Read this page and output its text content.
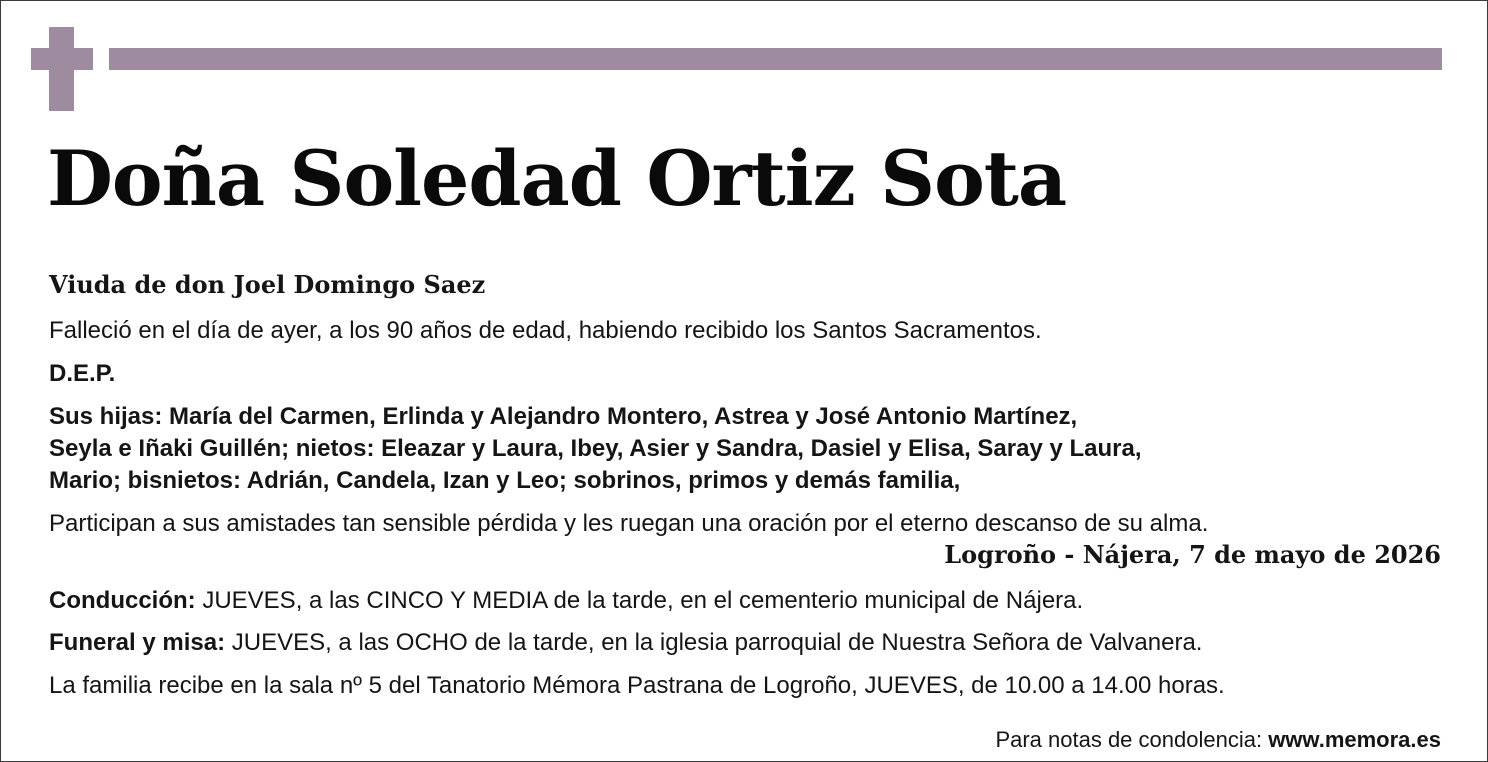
Doña Soledad Ortiz Sota

Viuda de don Joel Domingo Saez

Falleció en el día de ayer, a los 90 años de edad, habiendo recibido los Santos Sacramentos.

D.E.P.

Sus hijas: María del Carmen, Erlinda y Alejandro Montero, Astrea y José Antonio Martínez,
Seyla e Iñaki Guillén; nietos: Eleazar y Laura, Ibey, Asier y Sandra, Dasiel y Elisa, Saray y Laura,
Mario; bisnietos: Adrián, Candela, Izan y Leo; sobrinos, primos y demás familia,

Participan a sus amistades tan sensible pérdida y les ruegan una oración por el eterno descanso de su alma.

Logroño - Nájera, 7 de mayo de 2026

Conducción: JUEVES, a las CINCO Y MEDIA de la tarde, en el cementerio municipal de Nájera.

Funeral y misa: JUEVES, a las OCHO de la tarde, en la iglesia parroquial de Nuestra Señora de Valvanera.

La familia recibe en la sala nº 5 del Tanatorio Mémora Pastrana de Logroño, JUEVES, de 10.00 a 14.00 horas.

Para notas de condolencia: www.memora.es
